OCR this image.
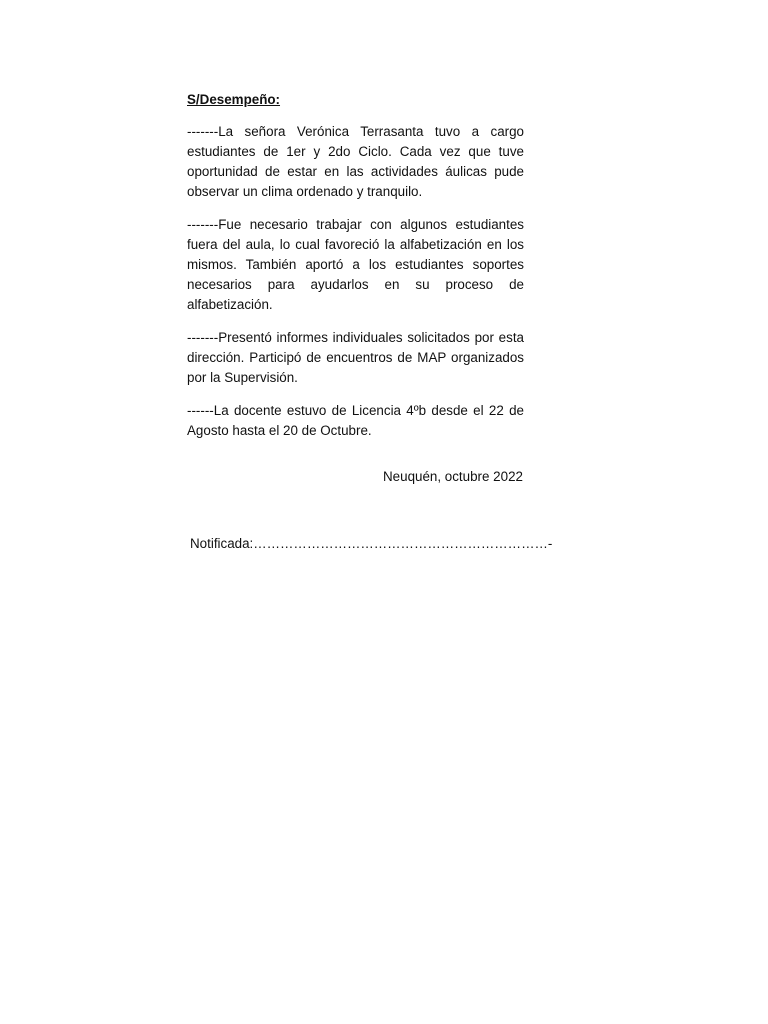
S/Desempeño:

-------La señora Verónica Terrasanta tuvo a cargo estudiantes de 1er y 2do Ciclo. Cada vez que tuve oportunidad de estar en las actividades áulicas pude observar un clima ordenado y tranquilo.

-------Fue necesario trabajar con algunos estudiantes fuera del aula, lo cual favoreció la alfabetización en los mismos. También aportó a los estudiantes soportes necesarios para ayudarlos en su proceso de alfabetización.

-------Presentó informes individuales solicitados por esta dirección. Participó de encuentros de MAP organizados por la Supervisión.

------La docente estuvo de Licencia 4ºb desde el 22 de Agosto hasta el 20 de Octubre.

Neuquén, octubre 2022
Notificada:…………………………………………………………-
